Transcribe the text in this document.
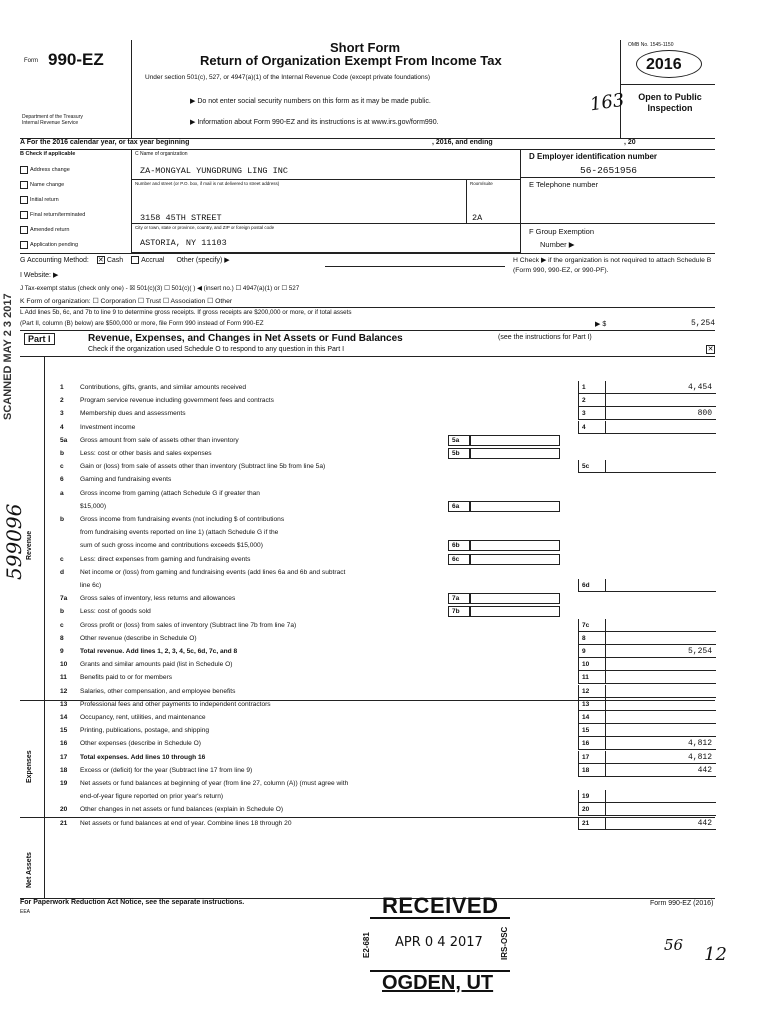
Form 990-EZ
Department of the Treasury
Internal Revenue Service
Short Form
Return of Organization Exempt From Income Tax
Under section 501(c), 527, or 4947(a)(1) of the Internal Revenue Code (except private foundations)
▶ Do not enter social security numbers on this form as it may be made public.
▶ Information about Form 990-EZ and its instructions is at www.irs.gov/form990.
OMB No. 1545-1150
2016
Open to Public Inspection
163
A For the 2016 calendar year, or tax year beginning	, 2016, and ending	, 20
B Check if applicable
Address change
Name change
Initial return
Final return/terminated
Amended return
Application pending
C Name of organization
ZA-MONGYAL YUNGDRUNG LING INC
Number and street (or P.O. box, if mail is not delivered to street address)	Room/suite
3158 45TH STREET	2A
City or town, state or province, country, and ZIP or foreign postal code
ASTORIA, NY 11103
D Employer identification number
56-2651956
E Telephone number
F Group Exemption
Number ▶
G Accounting Method: ✕ Cash	Accrual Other (specify) ▶	H Check ▶ if the organization is not required to attach Schedule B (Form 990, 990-EZ, or 990-PF).
I Website: ▶
J Tax-exempt status (check only one) - ☒ 501(c)(3) ☐ 501(c)( ) ◀ (insert no.) ☐ 4947(a)(1) or ☐ 527
K Form of organization: ☐ Corporation ☐ Trust ☐ Association ☐ Other
L Add lines 5b, 6c, and 7b to line 9 to determine gross receipts. If gross receipts are $200,000 or more, or if total assets
(Part II, column (B) below) are $500,000 or more, file Form 990 instead of Form 990-EZ	▶ $	5,254
Part I	Revenue, Expenses, and Changes in Net Assets or Fund Balances	(see the instructions for Part I)
Check if the organization used Schedule O to respond to any question in this Part I	✕
Revenue
Expenses
Net Assets
1 Contributions, gifts, grants, and similar amounts received	1	4,454
2 Program service revenue including government fees and contracts	2
3 Membership dues and assessments	3	800
4 Investment income	4
5a Gross amount from sale of assets other than inventory	5a
b Less: cost or other basis and sales expenses	5b
c Gain or (loss) from sale of assets other than inventory (Subtract line 5b from line 5a)	5c
6 Gaming and fundraising events
a Gross income from gaming (attach Schedule G if greater than
$15,000)	6a
b Gross income from fundraising events (not including $ of contributions
from fundraising events reported on line 1) (attach Schedule G if the
sum of such gross income and contributions exceeds $15,000)	6b
c Less: direct expenses from gaming and fundraising events	6c
d Net income or (loss) from gaming and fundraising events (add lines 6a and 6b and subtract
line 6c)	6d
7a Gross sales of inventory, less returns and allowances	7a
b Less: cost of goods sold	7b
c Gross profit or (loss) from sales of inventory (Subtract line 7b from line 7a)	7c
8 Other revenue (describe in Schedule O)	8
9 Total revenue. Add lines 1, 2, 3, 4, 5c, 6d, 7c, and 8	9	5,254
10 Grants and similar amounts paid (list in Schedule O)	10
11 Benefits paid to or for members	11
12 Salaries, other compensation, and employee benefits	12
13 Professional fees and other payments to independent contractors	13
14 Occupancy, rent, utilities, and maintenance	14
15 Printing, publications, postage, and shipping	15
16 Other expenses (describe in Schedule O)	16	4,812
17 Total expenses. Add lines 10 through 16	17	4,812
18 Excess or (deficit) for the year (Subtract line 17 from line 9)	18	442
19 Net assets or fund balances at beginning of year (from line 27, column (A)) (must agree with
end-of-year figure reported on prior year's return)	19
20 Other changes in net assets or fund balances (explain in Schedule O)	20
21 Net assets or fund balances at end of year. Combine lines 18 through 20	21	442
For Paperwork Reduction Act Notice, see the separate instructions.
EEA
Form 990-EZ (2016)
RECEIVED
E2-681	IRS-OSC
APR 0 4 2017
OGDEN, UT
56 12
SCANNED MAY 2 3 2017
599096
